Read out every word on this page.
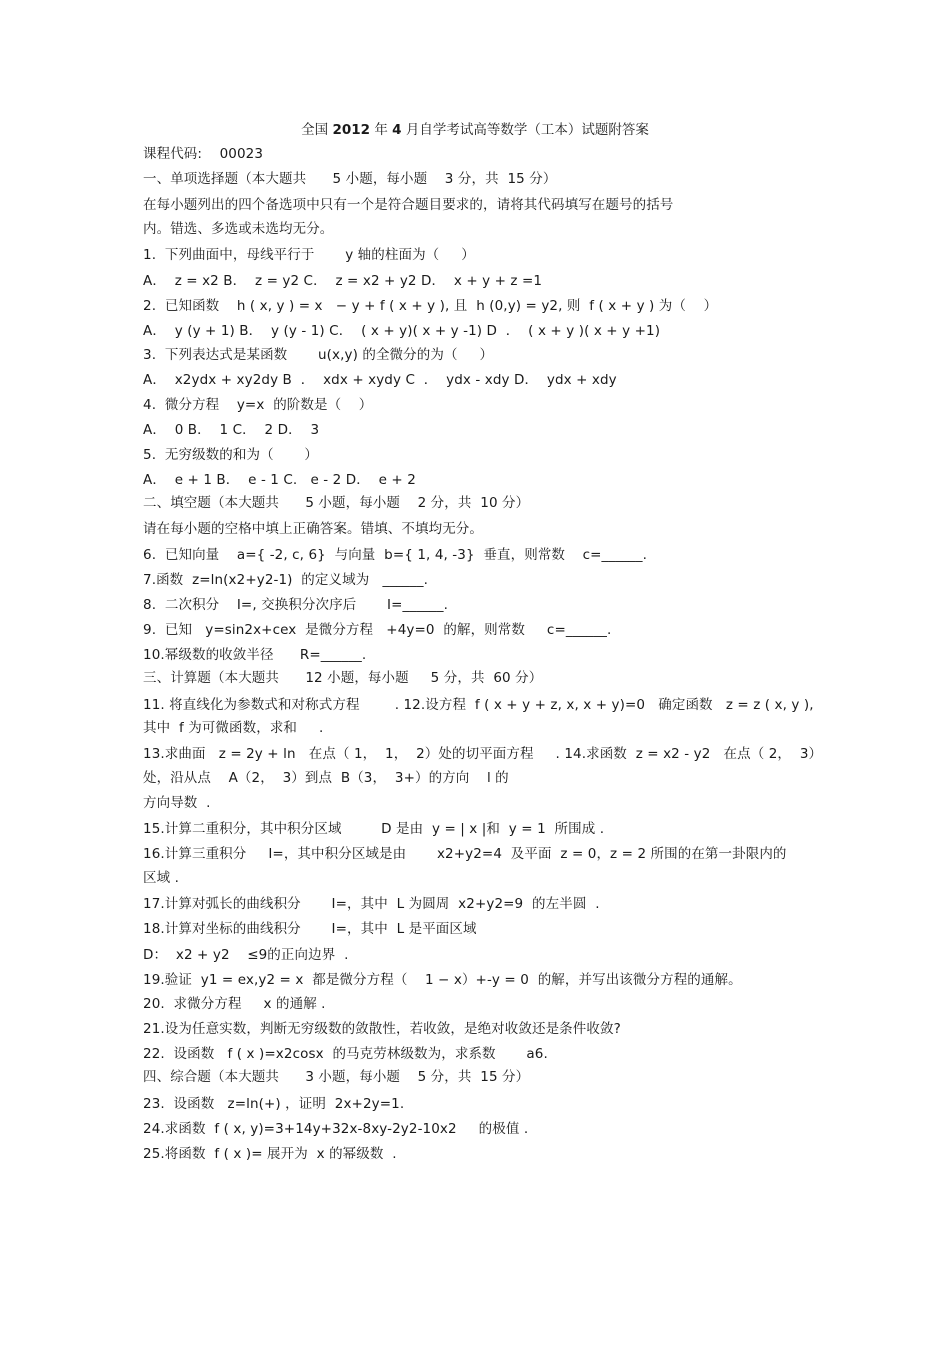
全国 2012 年 4 月自学考试高等数学（工本）试题附答案
课程代码:    00023
一、单项选择题（本大题共      5 小题，每小题    3 分，共  15 分）
在每小题列出的四个备选项中只有一个是符合题目要求的，请将其代码填写在题号的括号
内。错选、多选或未选均无分。
1.  下列曲面中，母线平行于       y 轴的柱面为（     ）
A．  z = x2 B．  z = y2 C．  z = x2 + y2 D．  x + y + z =1
2.  已知函数    h ( x, y ) = x   − y + f ( x + y ), 且  h (0,y) = y2, 则  f ( x + y ) 为（    ）
A．  y (y + 1) B．  y (y - 1) C．  ( x + y)( x + y -1) D  ．  ( x + y )( x + y +1)
3.  下列表达式是某函数       u(x,y) 的全微分的为（     ）
A．  x2ydx + xy2dy B  ．  xdx + xydy C  ．  ydx - xdy D．  ydx + xdy
4.  微分方程    y=x  的阶数是（    ）
A．  0 B．  1 C．  2 D．  3
5.  无穷级数的和为（       ）
A．  e + 1 B．  e - 1 C.   e - 2 D．  e + 2
二、填空题（本大题共      5 小题，每小题    2 分，共  10 分）
请在每小题的空格中填上正确答案。错填、不填均无分。
6.  已知向量    a={ -2, c, 6}  与向量  b={ 1, 4, -3}  垂直，则常数    c=______.
7.函数  z=ln(x2+y2-1)  的定义域为   ______.
8.  二次积分    I=, 交换积分次序后       I=______.
9.  已知   y=sin2x+cex  是微分方程   +4y=0  的解，则常数     c=______.
10.幂级数的收敛半径      R=______.
三、计算题（本大题共      12 小题，每小题     5 分，共  60 分）
11. 将直线化为参数式和对称式方程        . 12.设方程  f ( x + y + z, x, x + y)=0   确定函数   z = z ( x, y ),
其中  f 为可微函数，求和     .
13.求曲面   z = 2y + ln   在点（ 1，  1，  2）处的切平面方程     . 14.求函数  z = x2 - y2   在点（ 2，  3）
处，沿从点    A（2，  3）到点  B（3，  3+）的方向    l 的
方向导数  .
15.计算二重积分，其中积分区域         D 是由  y = | x |和  y = 1  所围成 .
16.计算三重积分     I=，其中积分区域是由       x2+y2=4  及平面  z = 0，z = 2 所围的在第一卦限内的
区域 .
17.计算对弧长的曲线积分       I=，其中  L 为圆周  x2+y2=9  的左半圆  .
18.计算对坐标的曲线积分       I=，其中  L 是平面区域
D：  x2 + y2    ≤9的正向边界  .
19.验证  y1 = ex,y2 = x  都是微分方程（    1 − x）+-y = 0  的解，并写出该微分方程的通解。
20.  求微分方程     x 的通解 .
21.设为任意实数，判断无穷级数的敛散性，若收敛，是绝对收敛还是条件收敛?
22.  设函数   f ( x )=x2cosx  的马克劳林级数为，求系数       a6.
四、综合题（本大题共      3 小题，每小题    5 分，共  15 分）
23.  设函数   z=ln(+) ，证明  2x+2y=1.
24.求函数  f ( x, y)=3+14y+32x-8xy-2y2-10x2     的极值 .
25.将函数  f ( x )= 展开为  x 的幂级数  .
